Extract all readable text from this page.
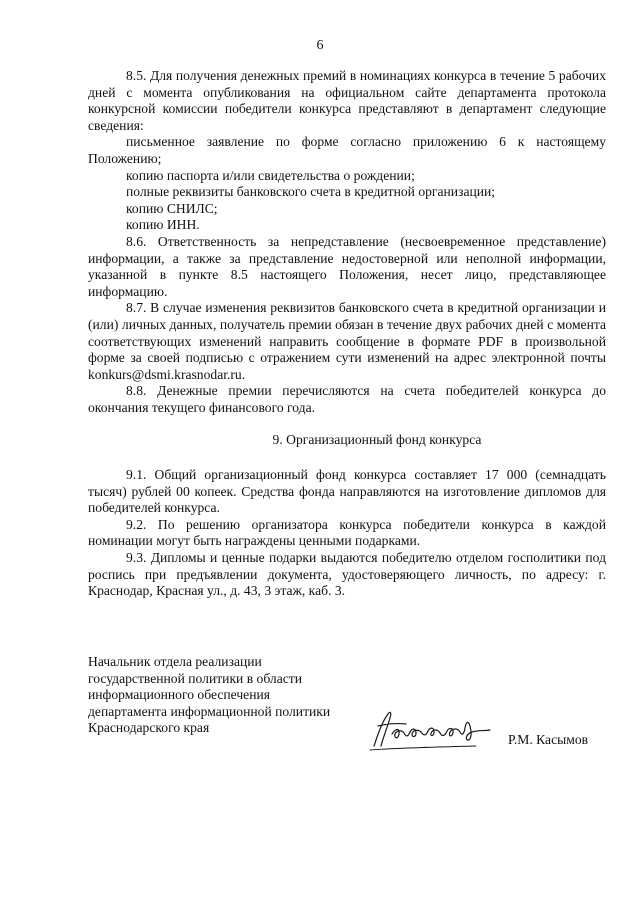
6

8.5. Для получения денежных премий в номинациях конкурса в течение 5 рабочих дней с момента опубликования на официальном сайте департамента протокола конкурсной комиссии победители конкурса представляют в департамент следующие сведения:

письменное заявление по форме согласно приложению 6 к настоящему Положению;

копию паспорта и/или свидетельства о рождении;

полные реквизиты банковского счета в кредитной организации;

копию СНИЛС;

копию ИНН.

8.6. Ответственность за непредставление (несвоевременное представление) информации, а также за представление недостоверной или неполной информации, указанной в пункте 8.5 настоящего Положения, несет лицо, представляющее информацию.

8.7. В случае изменения реквизитов банковского счета в кредитной организации и (или) личных данных, получатель премии обязан в течение двух рабочих дней с момента соответствующих изменений направить сообщение в формате PDF в произвольной форме за своей подписью с отражением сути изменений на адрес электронной почты konkurs@dsmi.krasnodar.ru.

8.8. Денежные премии перечисляются на счета победителей конкурса до окончания текущего финансового года.

9. Организационный фонд конкурса

9.1. Общий организационный фонд конкурса составляет 17 000 (семнадцать тысяч) рублей 00 копеек. Средства фонда направляются на изготовление дипломов для победителей конкурса.

9.2. По решению организатора конкурса победители конкурса в каждой номинации могут быть награждены ценными подарками.

9.3. Дипломы и ценные подарки выдаются победителю отделом госполитики под роспись при предъявлении документа, удостоверяющего личность, по адресу: г. Краснодар, Красная ул., д. 43, 3 этаж, каб. 3.

Начальник отдела реализации
государственной политики в области
информационного обеспечения
департамента информационной политики
Краснодарского края
Р.М. Касымов
